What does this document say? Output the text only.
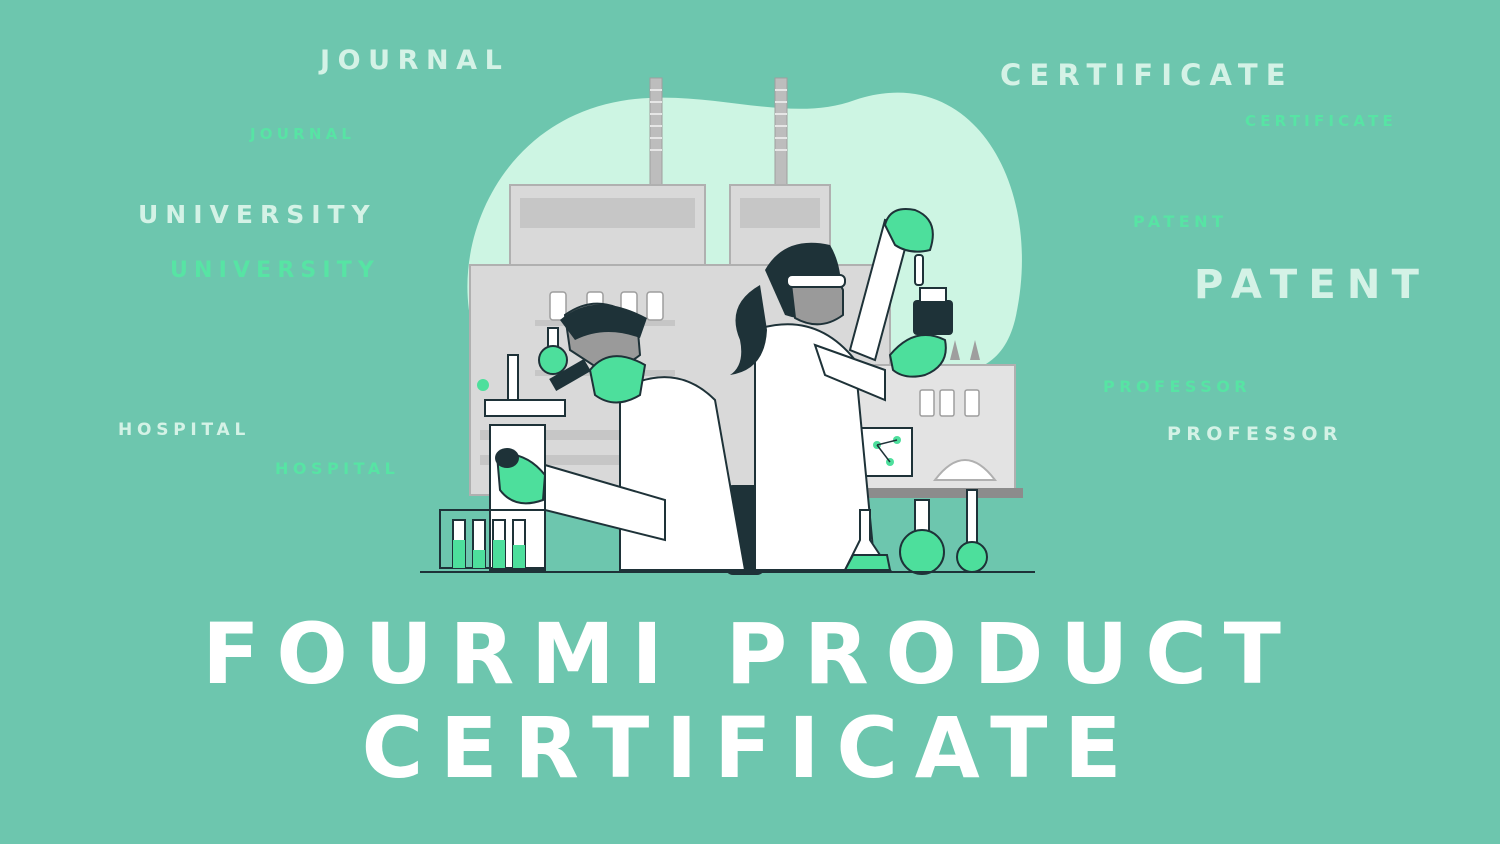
JOURNAL

JOURNAL

UNIVERSITY

UNIVERSITY

HOSPITAL

HOSPITAL

CERTIFICATE

CERTIFICATE

PATENT

PATENT

PROFESSOR

PROFESSOR

FOURMI PRODUCT
CERTIFICATE
